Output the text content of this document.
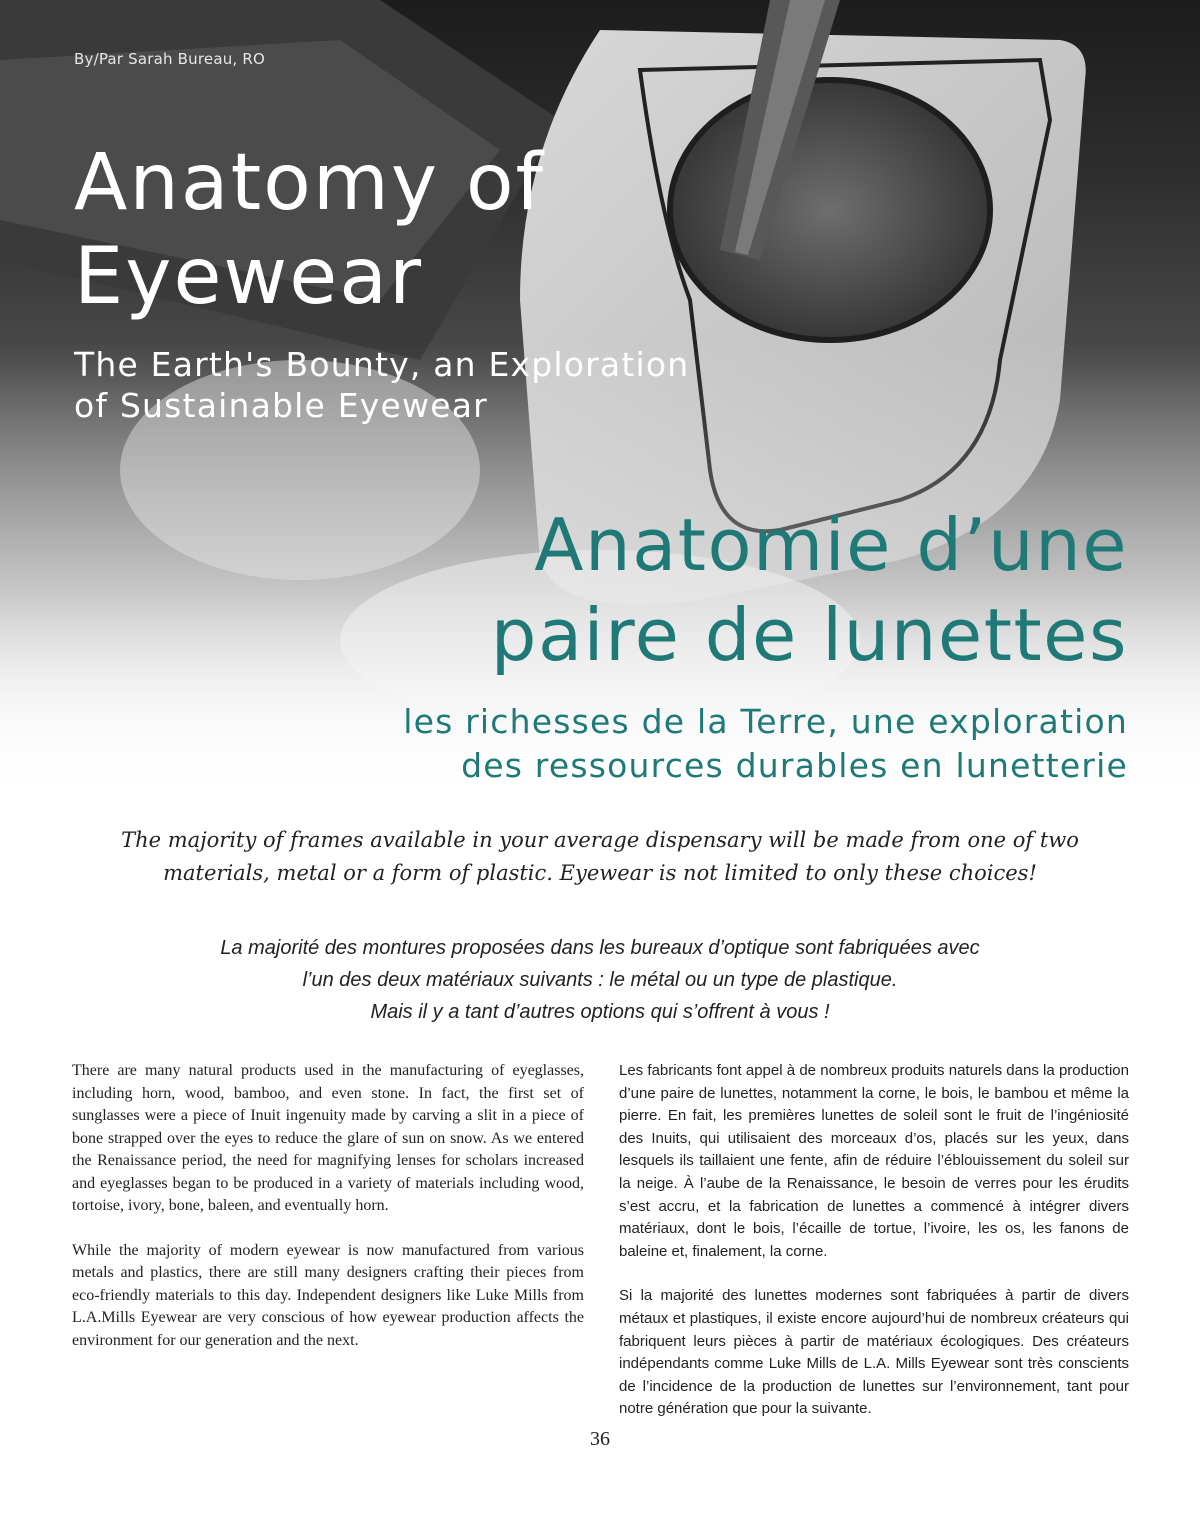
By/Par Sarah Bureau, RO

Anatomy of
Eyewear
The Earth's Bounty, an Exploration
of Sustainable Eyewear
Anatomie d’une
paire de lunettes
les richesses de la Terre, une exploration
des ressources durables en lunetterie

The majority of frames available in your average dispensary will be made from one of two
materials, metal or a form of plastic. Eyewear is not limited to only these choices!

La majorité des montures proposées dans les bureaux d’optique sont fabriquées avec
l’un des deux matériaux suivants : le métal ou un type de plastique.
Mais il y a tant d’autres options qui s’offrent à vous !

There are many natural products used in the manufacturing of eyeglasses, including horn, wood, bamboo, and even stone. In fact, the first set of sunglasses were a piece of Inuit ingenuity made by carving a slit in a piece of bone strapped over the eyes to reduce the glare of sun on snow. As we entered the Renaissance period, the need for magnifying lenses for scholars increased and eyeglasses began to be produced in a variety of materials including wood, tortoise, ivory, bone, baleen, and eventually horn.

While the majority of modern eyewear is now manufactured from various metals and plastics, there are still many designers crafting their pieces from eco-friendly materials to this day. Independent designers like Luke Mills from L.A.Mills Eyewear are very conscious of how eyewear production affects the environment for our generation and the next.

Les fabricants font appel à de nombreux produits naturels dans la production d’une paire de lunettes, notamment la corne, le bois, le bambou et même la pierre. En fait, les premières lunettes de soleil sont le fruit de l’ingéniosité des Inuits, qui utilisaient des morceaux d’os, placés sur les yeux, dans lesquels ils taillaient une fente, afin de réduire l’éblouissement du soleil sur la neige. À l’aube de la Renaissance, le besoin de verres pour les érudits s’est accru, et la fabrication de lunettes a commencé à intégrer divers matériaux, dont le bois, l’écaille de tortue, l’ivoire, les os, les fanons de baleine et, finalement, la corne.

Si la majorité des lunettes modernes sont fabriquées à partir de divers métaux et plastiques, il existe encore aujourd’hui de nombreux créateurs qui fabriquent leurs pièces à partir de matériaux écologiques. Des créateurs indépendants comme Luke Mills de L.A. Mills Eyewear sont très conscients de l’incidence de la production de lunettes sur l’environnement, tant pour notre génération que pour la suivante.

36
